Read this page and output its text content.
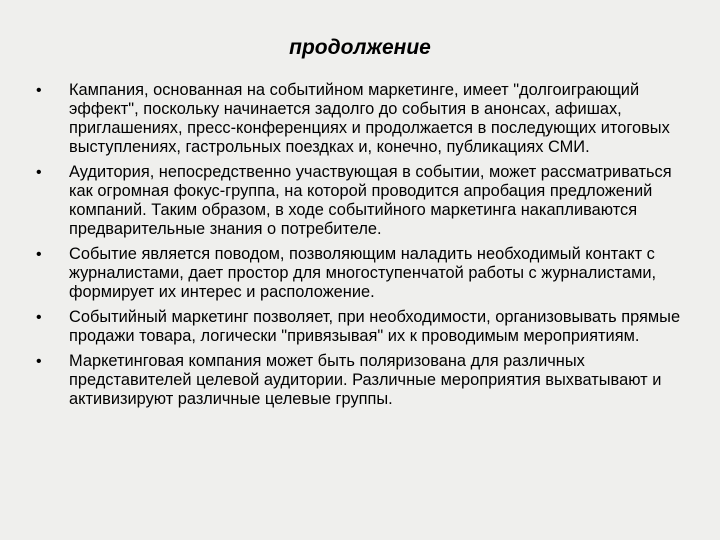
продолжение
•	Кампания, основанная на событийном маркетинге, имеет "долгоиграющий эффект", поскольку начинается задолго до события в анонсах, афишах, приглашениях, пресс-конференциях и продолжается в последующих итоговых выступлениях, гастрольных поездках и, конечно, публикациях СМИ.
•	Аудитория, непосредственно участвующая в событии, может рассматриваться как огромная фокус-группа, на которой проводится апробация предложений компаний. Таким образом, в ходе событийного маркетинга накапливаются предварительные знания о потребителе.
•	Событие является поводом, позволяющим наладить необходимый контакт с журналистами, дает простор для многоступенчатой работы с журналистами, формирует их интерес и расположение.
•	Событийный маркетинг позволяет, при необходимости, организовывать прямые продажи товара, логически "привязывая" их к проводимым мероприятиям.
•	Маркетинговая компания может быть поляризована для различных представителей целевой аудитории. Различные мероприятия выхватывают и активизируют различные целевые группы.
